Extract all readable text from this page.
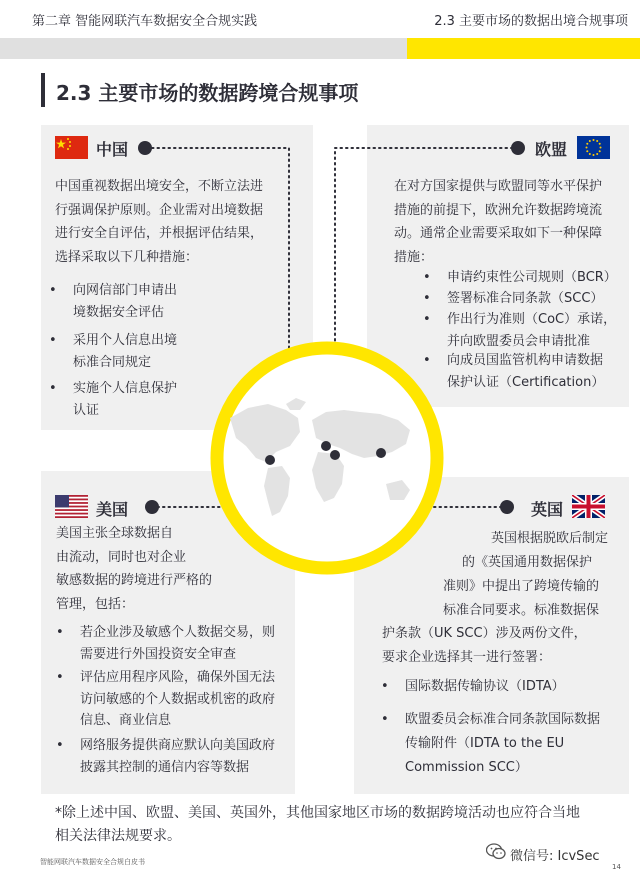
第二章 智能网联汽车数据安全合规实践	2.3 主要市场的数据出境合规事项
2.3 主要市场的数据跨境合规事项
中国
中国重视数据出境安全，不断立法进
行强调保护原则。企业需对出境数据
进行安全自评估，并根据评估结果，
选择采取以下几种措施：
• 向网信部门申请出
境数据安全评估
• 采用个人信息出境
标准合同规定
• 实施个人信息保护
认证
欧盟
在对方国家提供与欧盟同等水平保护
措施的前提下，欧洲允许数据跨境流
动。通常企业需要采取如下一种保障
措施：
• 申请约束性公司规则（BCR）
• 签署标准合同条款（SCC）
• 作出行为准则（CoC）承诺，
并向欧盟委员会申请批准
• 向成员国监管机构申请数据
保护认证（Certification）
美国
美国主张全球数据自
由流动，同时也对企业
敏感数据的跨境进行严格的
管理，包括：
• 若企业涉及敏感个人数据交易，则
需要进行外国投资安全审查
• 评估应用程序风险，确保外国无法
访问敏感的个人数据或机密的政府
信息、商业信息
• 网络服务提供商应默认向美国政府
披露其控制的通信内容等数据
英国
英国根据脱欧后制定
的《英国通用数据保护
准则》中提出了跨境传输的
标准合同要求。标准数据保
护条款（UK SCC）涉及两份文件，
要求企业选择其一进行签署：
• 国际数据传输协议（IDTA）
• 欧盟委员会标准合同条款国际数据
传输附件（IDTA to the EU
Commission SCC）
*除上述中国、欧盟、美国、英国外，其他国家地区市场的数据跨境活动也应符合当地
相关法律法规要求。
智能网联汽车数据安全合规白皮书	微信号: IcvSec
14
